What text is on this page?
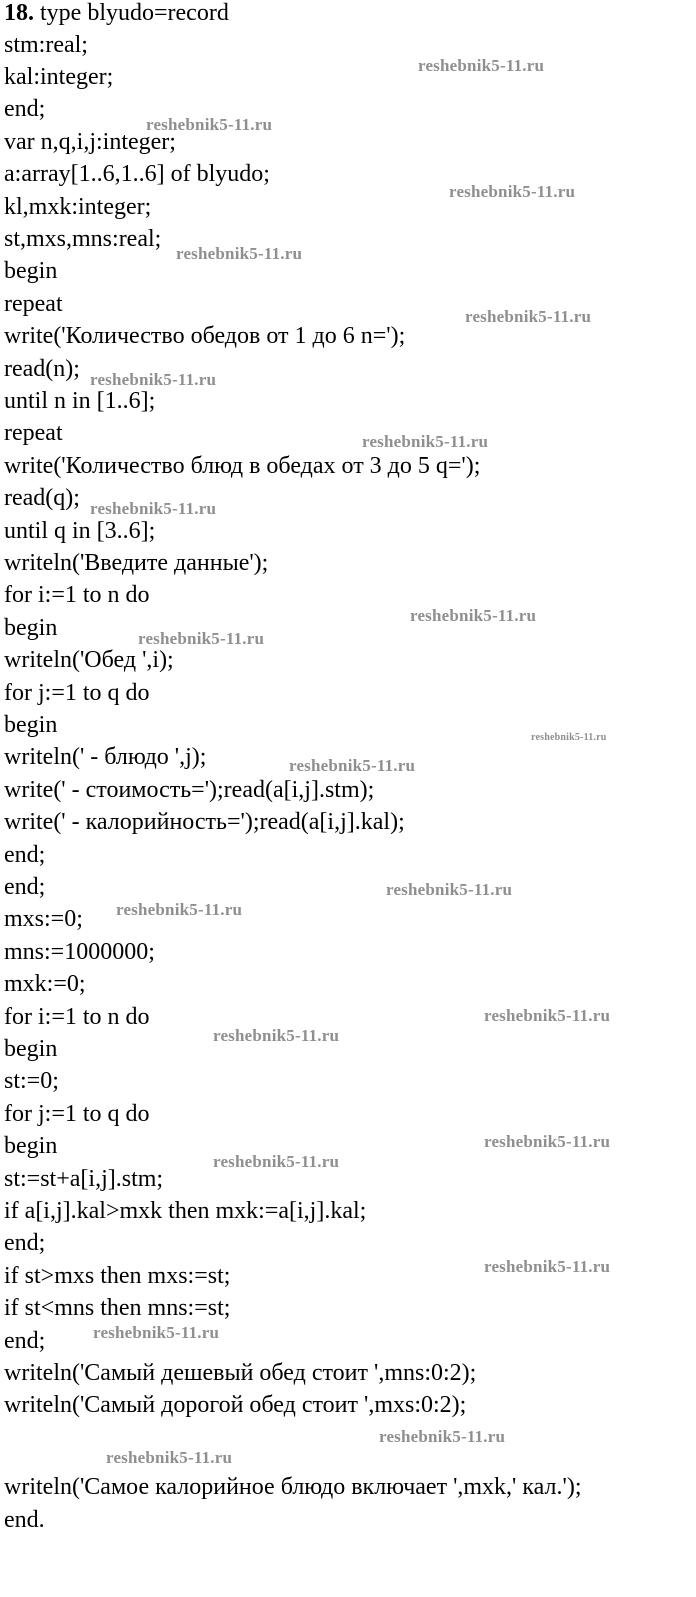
18. type blyudo=record
stm:real;
kal:integer;
end;
var n,q,i,j:integer;
a:array[1..6,1..6] of blyudo;
kl,mxk:integer;
st,mxs,mns:real;
begin
repeat
write('Количество обедов от 1 до 6 n=');
read(n);
until n in [1..6];
repeat
write('Количество блюд в обедах от 3 до 5 q=');
read(q);
until q in [3..6];
writeln('Введите данные');
for i:=1 to n do
begin
writeln('Обед ',i);
for j:=1 to q do
begin
writeln(' - блюдо ',j);
write(' - стоимость=');read(a[i,j].stm);
write(' - калорийность=');read(a[i,j].kal);
end;
end;
mxs:=0;
mns:=1000000;
mxk:=0;
for i:=1 to n do
begin
st:=0;
for j:=1 to q do
begin
st:=st+a[i,j].stm;
if a[i,j].kal>mxk then mxk:=a[i,j].kal;
end;
if st>mxs then mxs:=st;
if st<mns then mns:=st;
end;
writeln('Самый дешевый обед стоит ',mns:0:2);
writeln('Самый дорогой обед стоит ',mxs:0:2);
writeln('Самое калорийное блюдо включает ',mxk,' кал.');
end.
reshebnik5-11.ru
reshebnik5-11.ru
reshebnik5-11.ru
reshebnik5-11.ru
reshebnik5-11.ru
reshebnik5-11.ru
reshebnik5-11.ru
reshebnik5-11.ru
reshebnik5-11.ru
reshebnik5-11.ru
reshebnik5-11.ru
reshebnik5-11.ru
reshebnik5-11.ru
reshebnik5-11.ru
reshebnik5-11.ru
reshebnik5-11.ru
reshebnik5-11.ru
reshebnik5-11.ru
reshebnik5-11.ru
reshebnik5-11.ru
reshebnik5-11.ru
reshebnik5-11.ru
